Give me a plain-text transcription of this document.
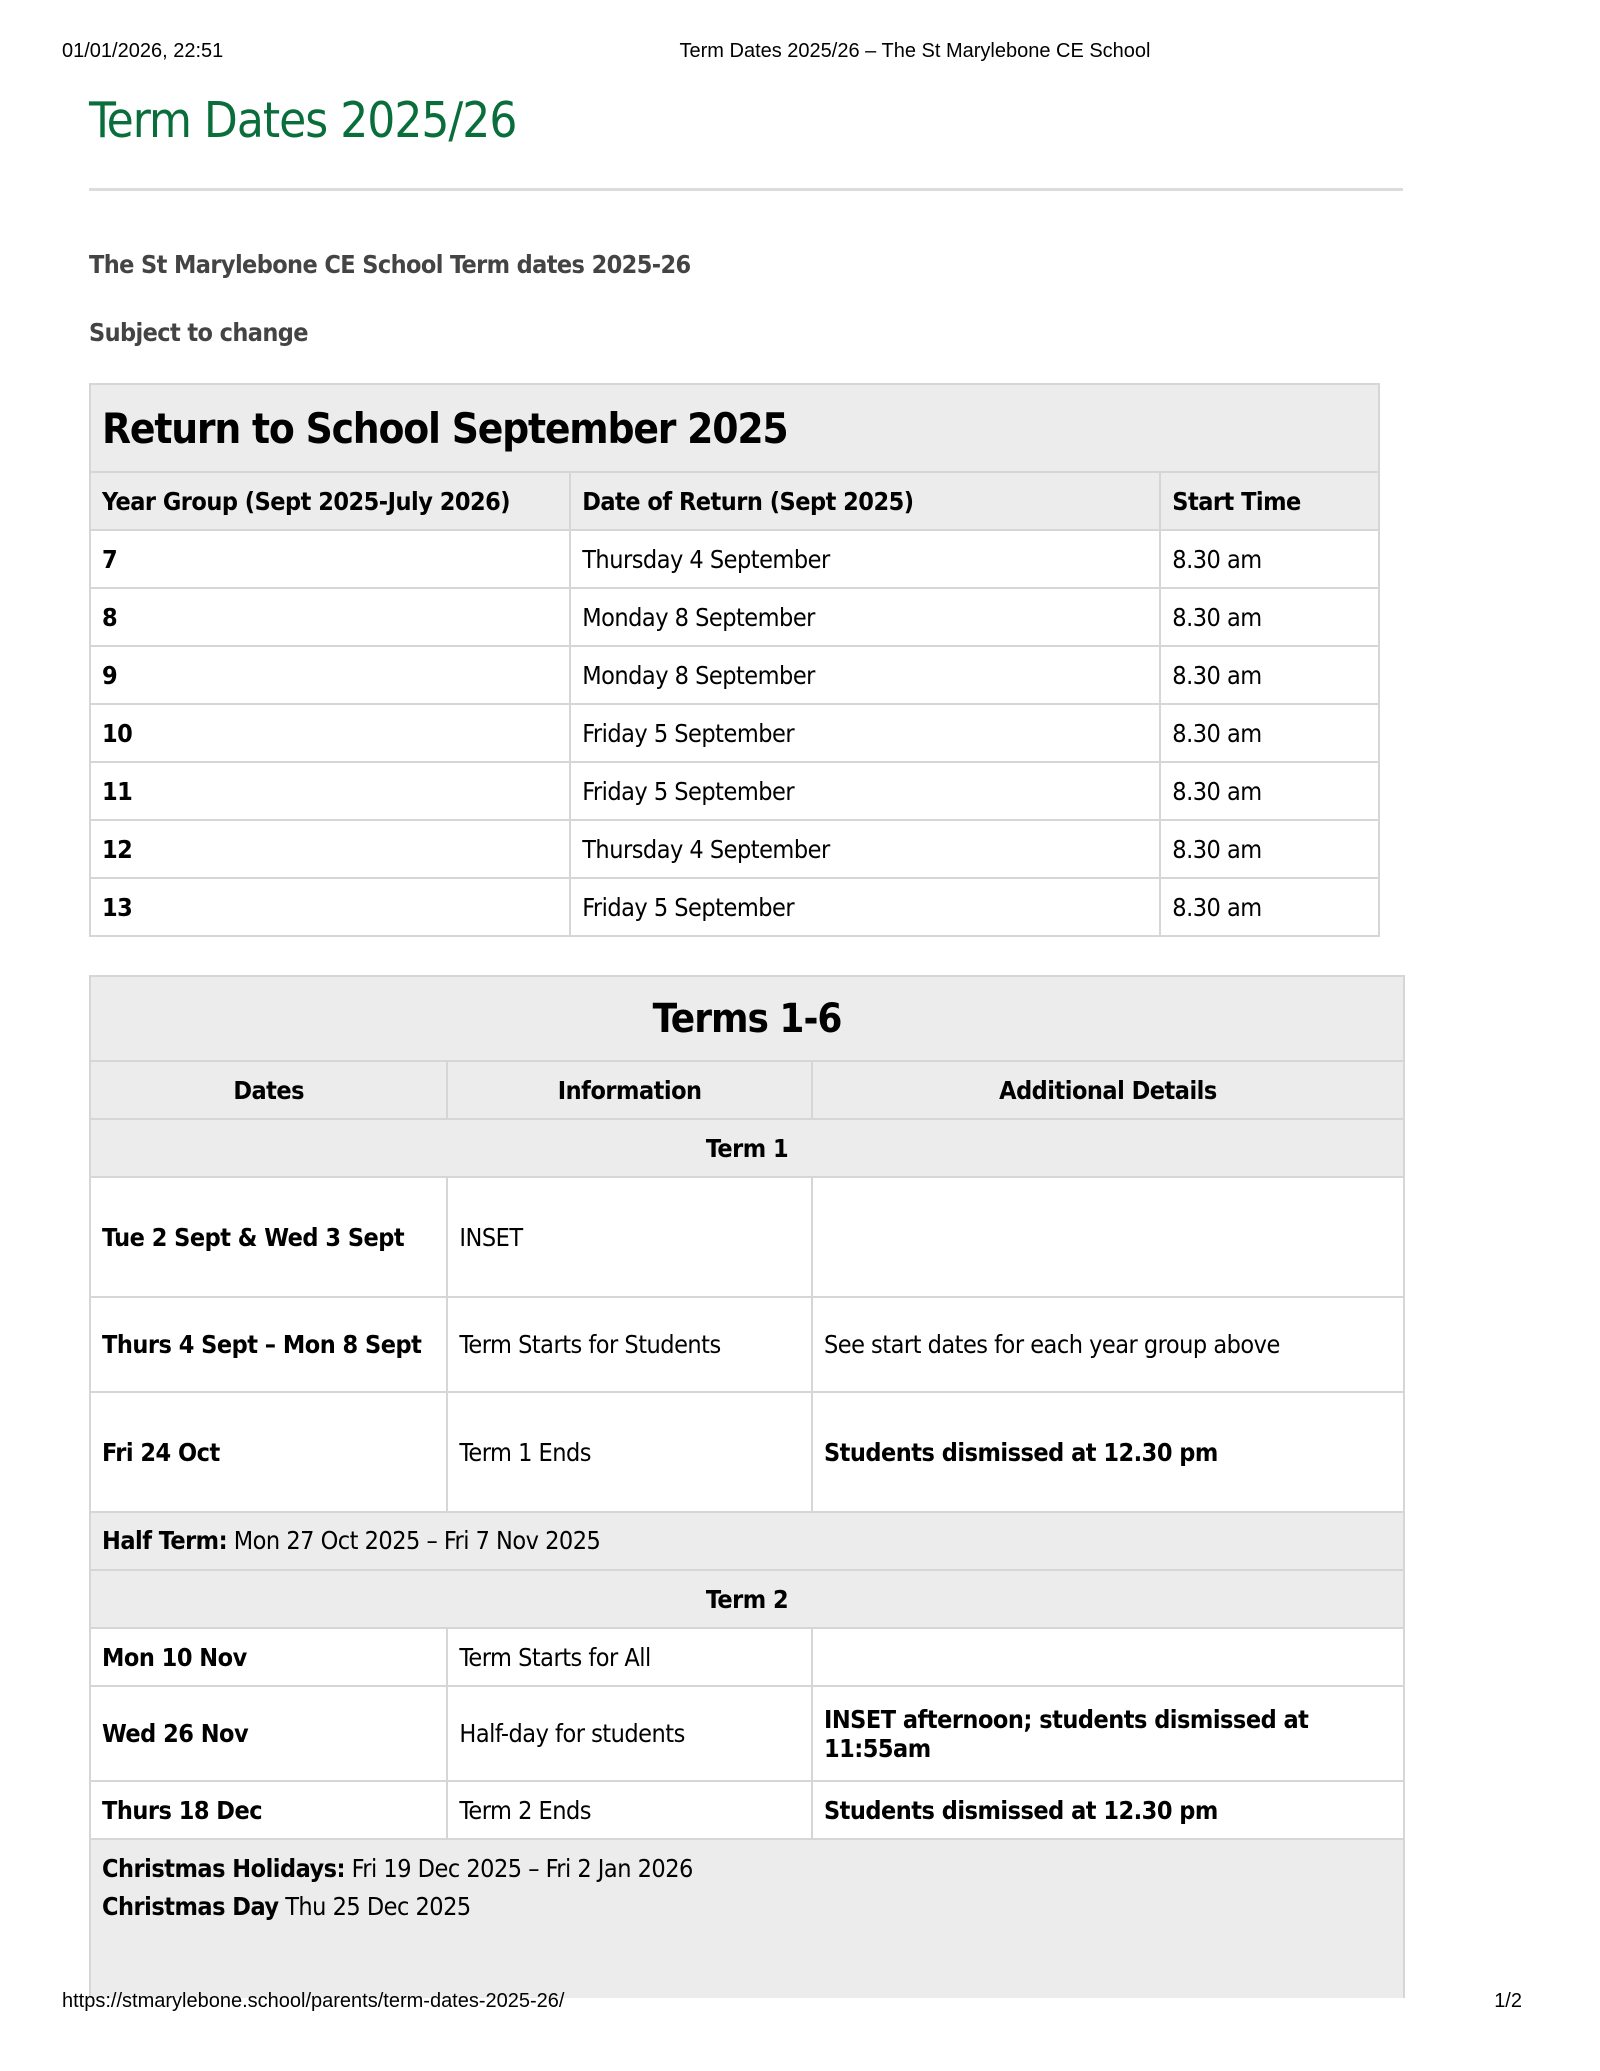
01/01/2026, 22:51	Term Dates 2025/26 – The St Marylebone CE School
Term Dates 2025/26
The St Marylebone CE School Term dates 2025-26
Subject to change
Return to School September 2025		
Year Group (Sept 2025-July 2026)	Date of Return (Sept 2025)	Start Time
7	Thursday 4 September	8.30 am
8	Monday 8 September	8.30 am
9	Monday 8 September	8.30 am
10	Friday 5 September	8.30 am
11	Friday 5 September	8.30 am
12	Thursday 4 September	8.30 am
13	Friday 5 September	8.30 am
Terms 1-6		
Dates	Information	Additional Details
Term 1		
Tue 2 Sept & Wed 3 Sept	INSET	
Thurs 4 Sept – Mon 8 Sept	Term Starts for Students	See start dates for each year group above
Fri 24 Oct	Term 1 Ends	Students dismissed at 12.30 pm
Half Term: Mon 27 Oct 2025 – Fri 7 Nov 2025		
Term 2		
Mon 10 Nov	Term Starts for All	
Wed 26 Nov	Half-day for students	INSET afternoon; students dismissed at 11:55am
Thurs 18 Dec	Term 2 Ends	Students dismissed at 12.30 pm

Christmas Holidays: Fri 19 Dec 2025 – Fri 2 Jan 2026
Christmas Day Thu 25 Dec 2025		
https://stmarylebone.school/parents/term-dates-2025-26/	1/2
